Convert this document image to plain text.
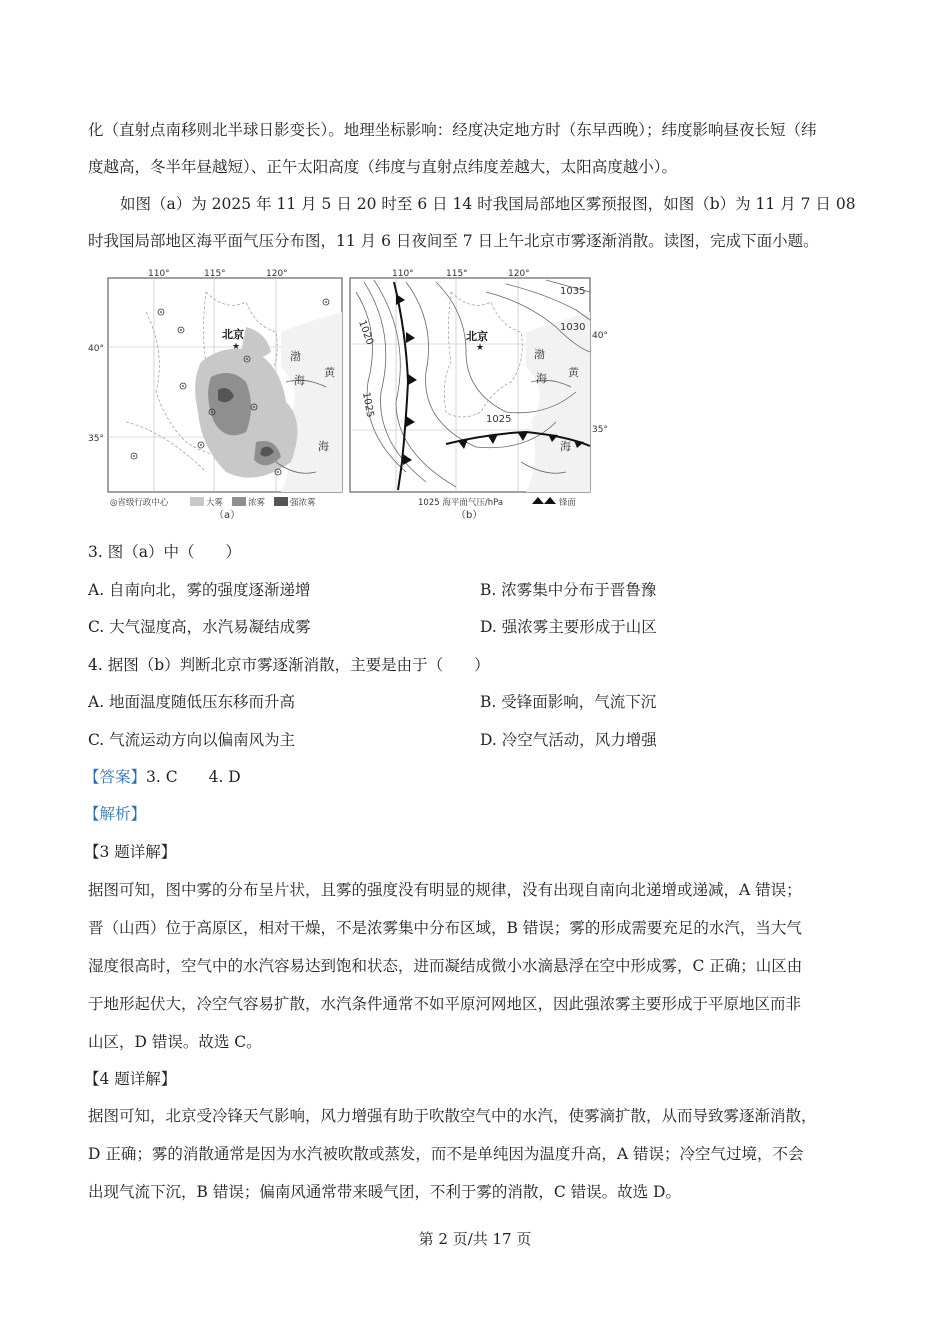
化（直射点南移则北半球日影变长）。地理坐标影响：经度决定地方时（东早西晚）；纬度影响昼夜长短（纬
度越高，冬半年昼越短）、正午太阳高度（纬度与直射点纬度差越大，太阳高度越小）。
如图（a）为 2025 年 11 月 5 日 20 时至 6 日 14 时我国局部地区雾预报图，如图（b）为 11 月 7 日 08
时我国局部地区海平面气压分布图，11 月 6 日夜间至 7 日上午北京市雾逐渐消散。读图，完成下面小题。
★
110°	115°	120°
40°
35°
北京
渤
海
黄
海
◎省级行政中心	大雾	浓雾	强浓雾
（a）
★
110°	115°	120°
40°
35°
北京
渤
海 黄
海
1035
1030
1020
1025
1025
1025 海平面气压/hPa	锋面
（b）
3. 图（a）中（　　）
A. 自南向北，雾的强度逐渐递增	B. 浓雾集中分布于晋鲁豫
C. 大气湿度高，水汽易凝结成雾	D. 强浓雾主要形成于山区
4. 据图（b）判断北京市雾逐渐消散，主要是由于（　　）
A. 地面温度随低压东移而升高	B. 受锋面影响，气流下沉
C. 气流运动方向以偏南风为主	D. 冷空气活动，风力增强
【答案】3. C　　4. D
【解析】
【3 题详解】
据图可知，图中雾的分布呈片状，且雾的强度没有明显的规律，没有出现自南向北递增或递减，A 错误；
晋（山西）位于高原区，相对干燥，不是浓雾集中分布区域，B 错误；雾的形成需要充足的水汽，当大气
湿度很高时，空气中的水汽容易达到饱和状态，进而凝结成微小水滴悬浮在空中形成雾，C 正确；山区由
于地形起伏大，冷空气容易扩散，水汽条件通常不如平原河网地区，因此强浓雾主要形成于平原地区而非
山区，D 错误。故选 C。
【4 题详解】
据图可知，北京受冷锋天气影响，风力增强有助于吹散空气中的水汽，使雾滴扩散，从而导致雾逐渐消散，
D 正确；雾的消散通常是因为水汽被吹散或蒸发，而不是单纯因为温度升高，A 错误；冷空气过境，不会
出现气流下沉，B 错误；偏南风通常带来暖气团，不利于雾的消散，C 错误。故选 D。
第 2 页/共 17 页
